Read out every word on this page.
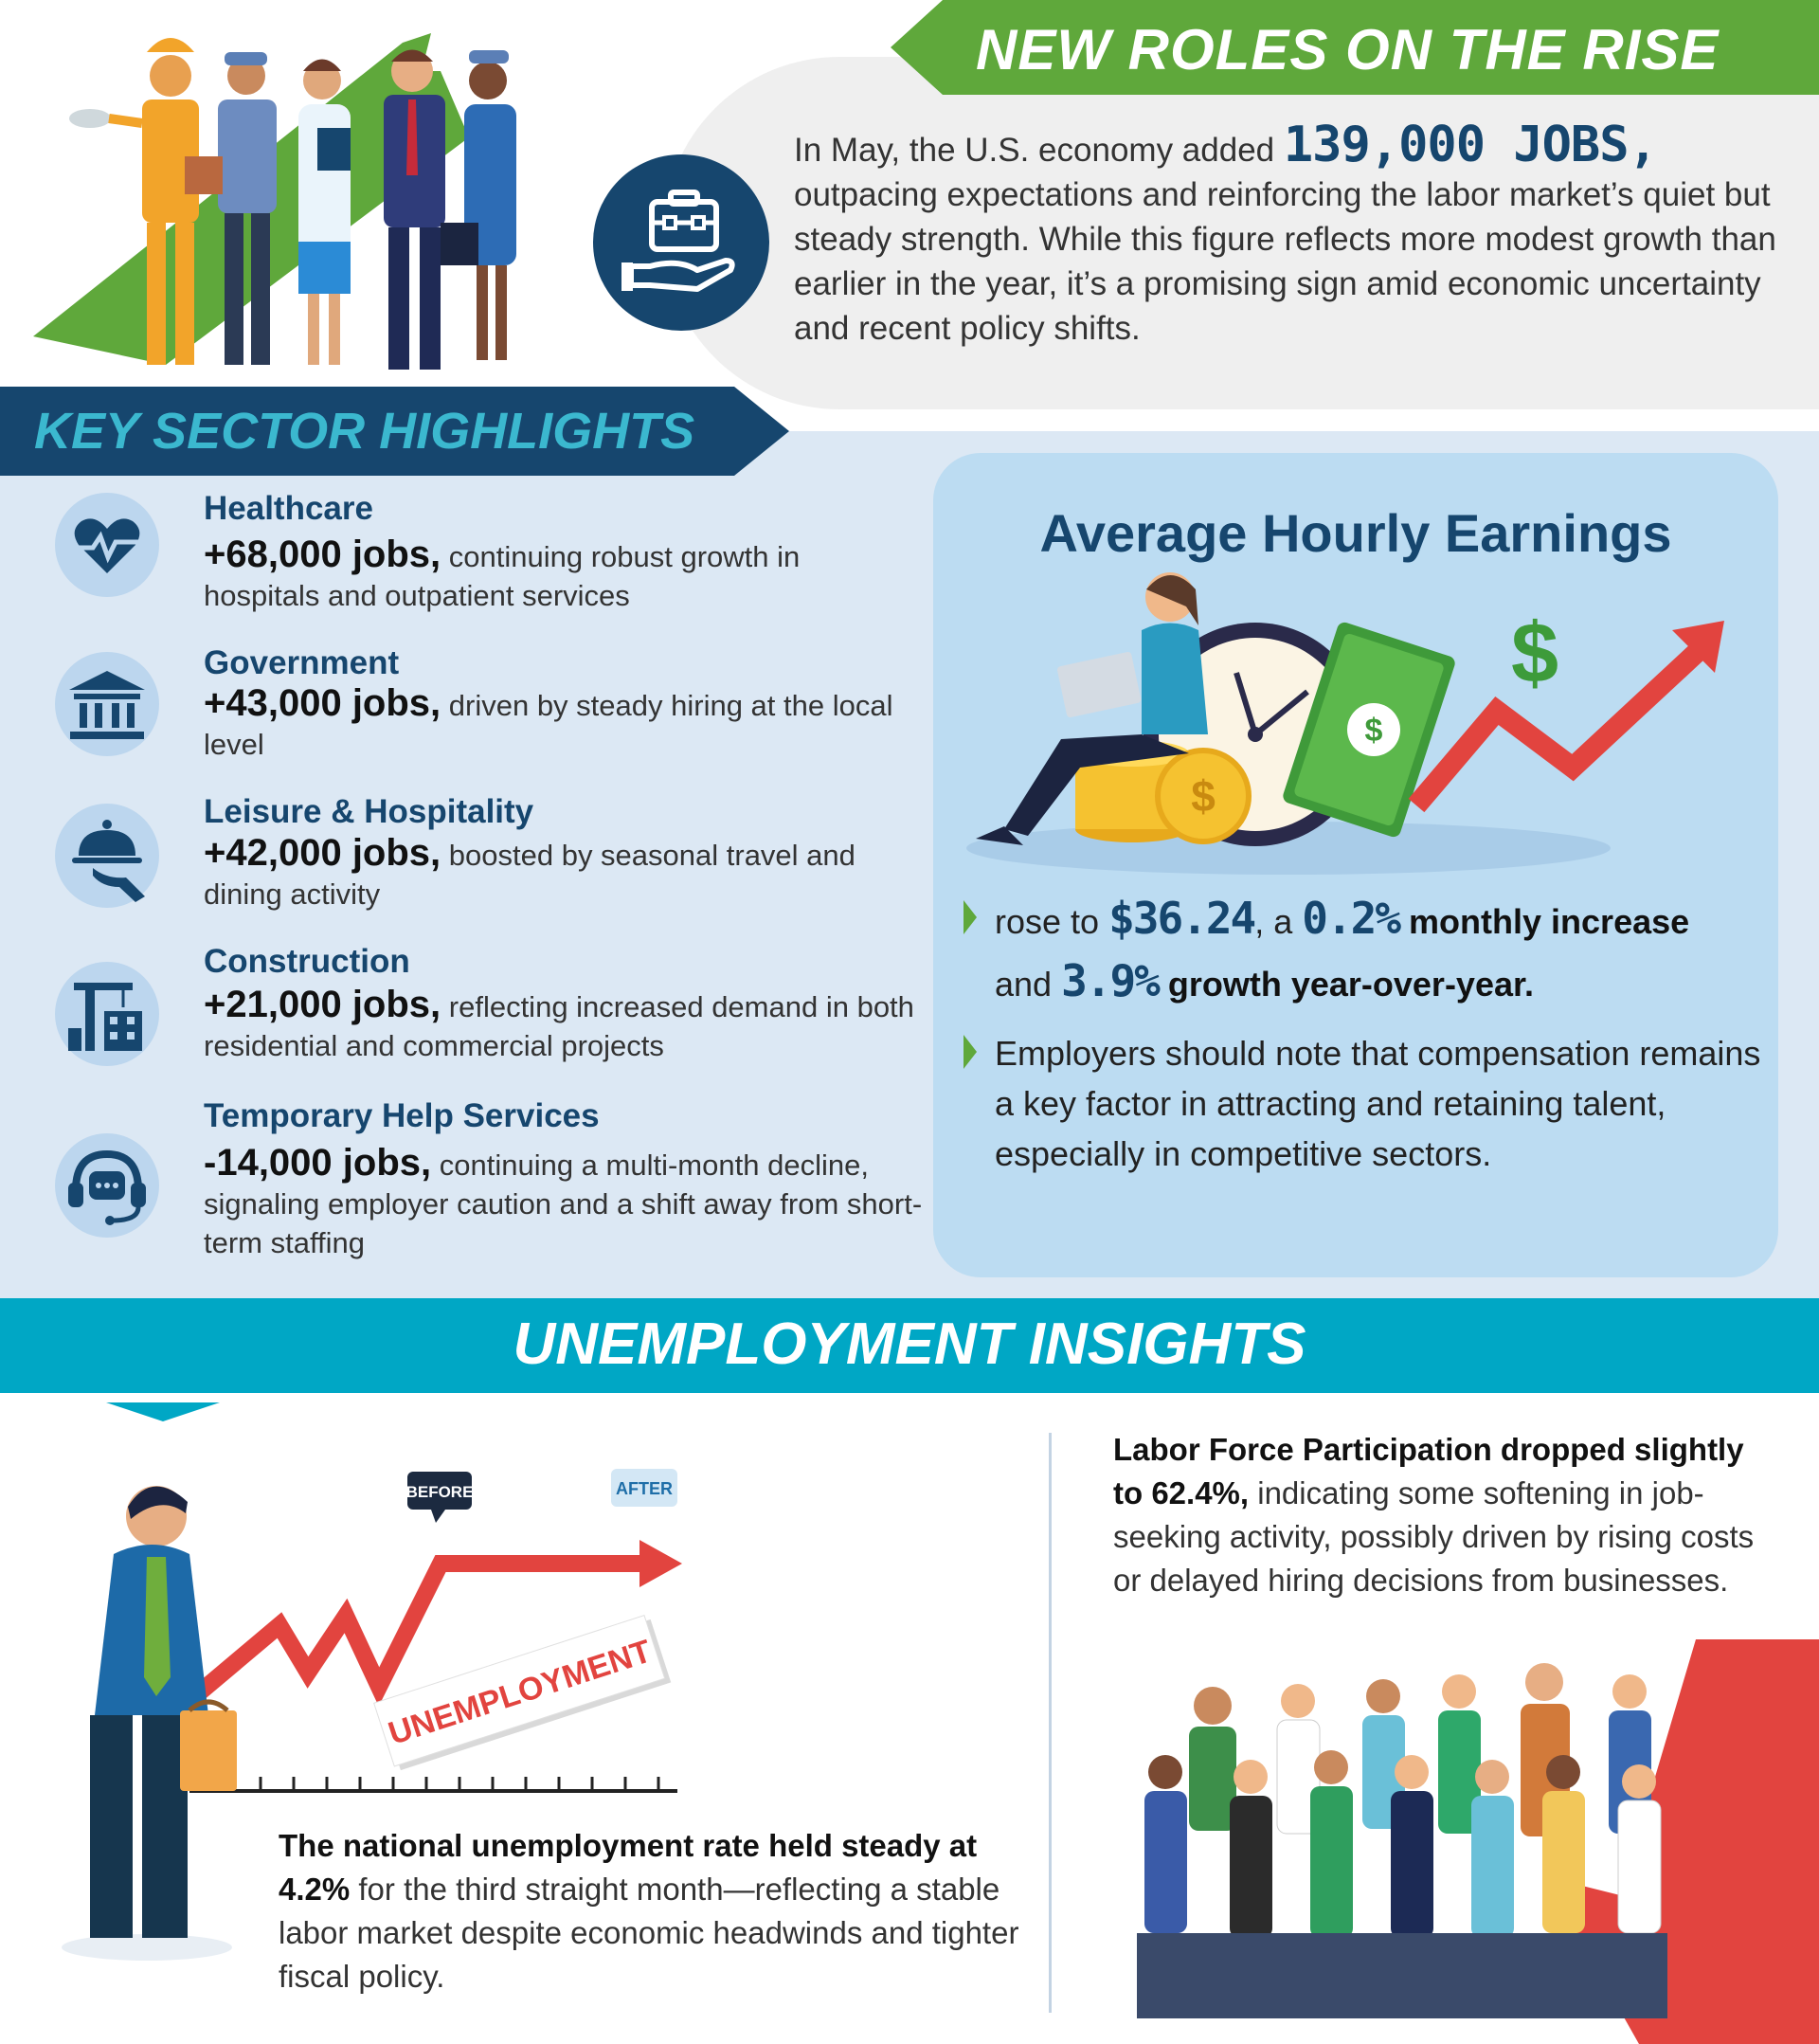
NEW ROLES ON THE RISE
In May, the U.S. economy added 139,000 JOBS, outpacing expectations and reinforcing the labor market’s quiet but steady strength. While this figure reflects more modest growth than earlier in the year, it’s a promising sign amid economic uncertainty and recent policy shifts.
KEY SECTOR HIGHLIGHTS
Healthcare
+68,000 jobs, continuing robust growth in hospitals and outpatient services
Government
+43,000 jobs, driven by steady hiring at the local level
Leisure & Hospitality
+42,000 jobs, boosted by seasonal travel and dining activity
Construction
+21,000 jobs, reflecting increased demand in both residential and commercial projects
Temporary Help Services
-14,000 jobs, continuing a multi-month decline, signaling employer caution and a shift away from short-term staffing
Average Hourly Earnings
$
$
$
rose to $36.24, a 0.2% monthly increase and 3.9% growth year-over-year.
Employers should note that compensation remains a key factor in attracting and retaining talent, especially in competitive sectors.
UNEMPLOYMENT INSIGHTS
UNEMPLOYMENT
BEFORE	AFTER
The national unemployment rate held steady at 4.2% for the third straight month—reflecting a stable labor market despite economic headwinds and tighter fiscal policy.
Labor Force Participation dropped slightly to 62.4%, indicating some softening in job-seeking activity, possibly driven by rising costs or delayed hiring decisions from businesses.
